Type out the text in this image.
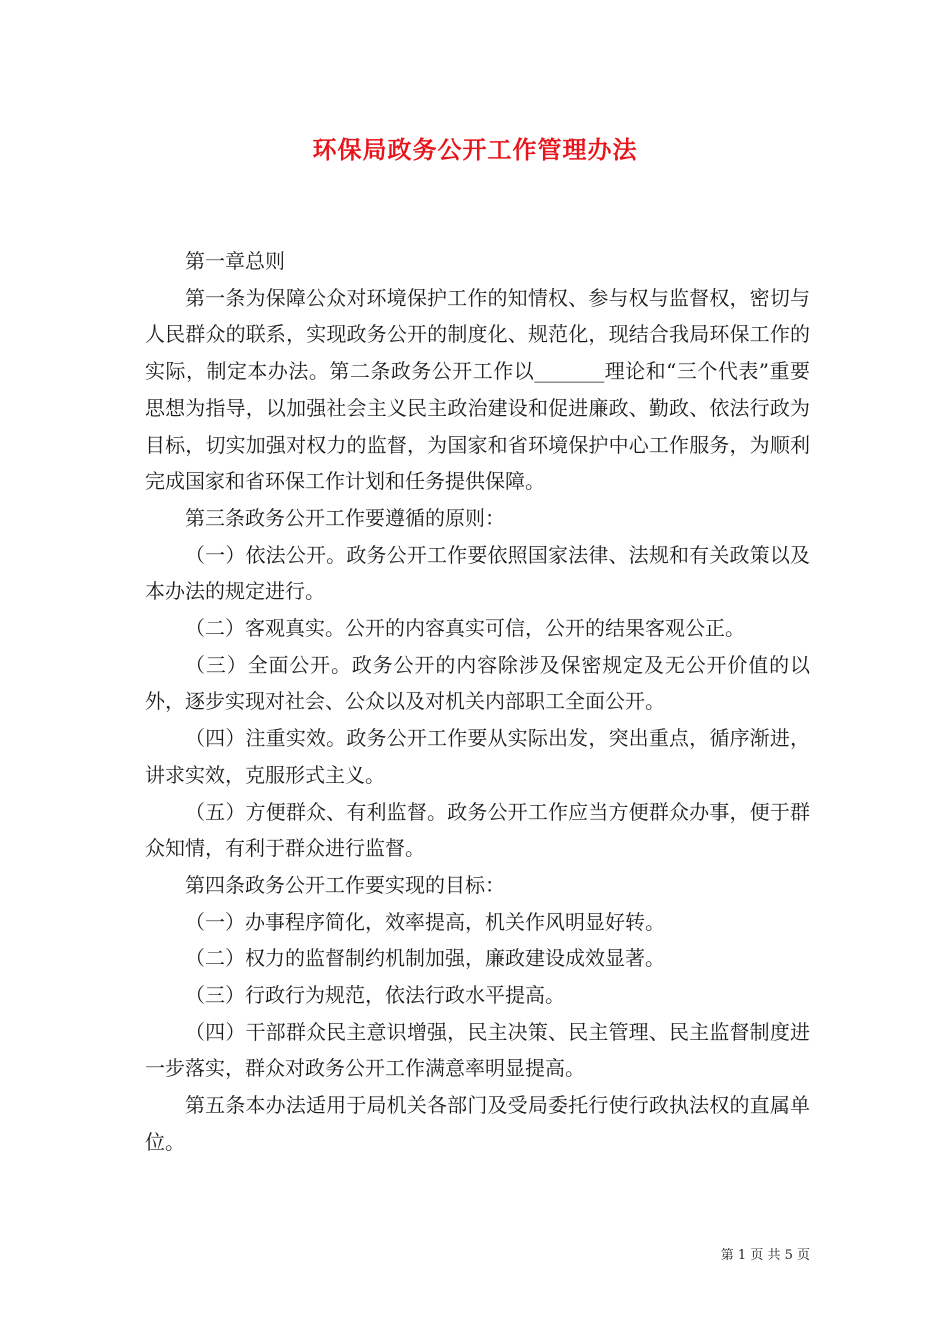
环保局政务公开工作管理办法

第一章总则

第一条为保障公众对环境保护工作的知情权、参与权与监督权，密切与人民群众的联系，实现政务公开的制度化、规范化，现结合我局环保工作的实际，制定本办法。第二条政务公开工作以_______理论和“三个代表”重要思想为指导，以加强社会主义民主政治建设和促进廉政、勤政、依法行政为目标，切实加强对权力的监督，为国家和省环境保护中心工作服务，为顺利完成国家和省环保工作计划和任务提供保障。

第三条政务公开工作要遵循的原则：

（一）依法公开。政务公开工作要依照国家法律、法规和有关政策以及本办法的规定进行。

（二）客观真实。公开的内容真实可信，公开的结果客观公正。

（三）全面公开。政务公开的内容除涉及保密规定及无公开价值的以外，逐步实现对社会、公众以及对机关内部职工全面公开。

（四）注重实效。政务公开工作要从实际出发，突出重点，循序渐进，讲求实效，克服形式主义。

（五）方便群众、有利监督。政务公开工作应当方便群众办事，便于群众知情，有利于群众进行监督。

第四条政务公开工作要实现的目标：

（一）办事程序简化，效率提高，机关作风明显好转。

（二）权力的监督制约机制加强，廉政建设成效显著。

（三）行政行为规范，依法行政水平提高。

（四）干部群众民主意识增强，民主决策、民主管理、民主监督制度进一步落实，群众对政务公开工作满意率明显提高。

第五条本办法适用于局机关各部门及受局委托行使行政执法权的直属单位。

第 1 页 共 5 页
